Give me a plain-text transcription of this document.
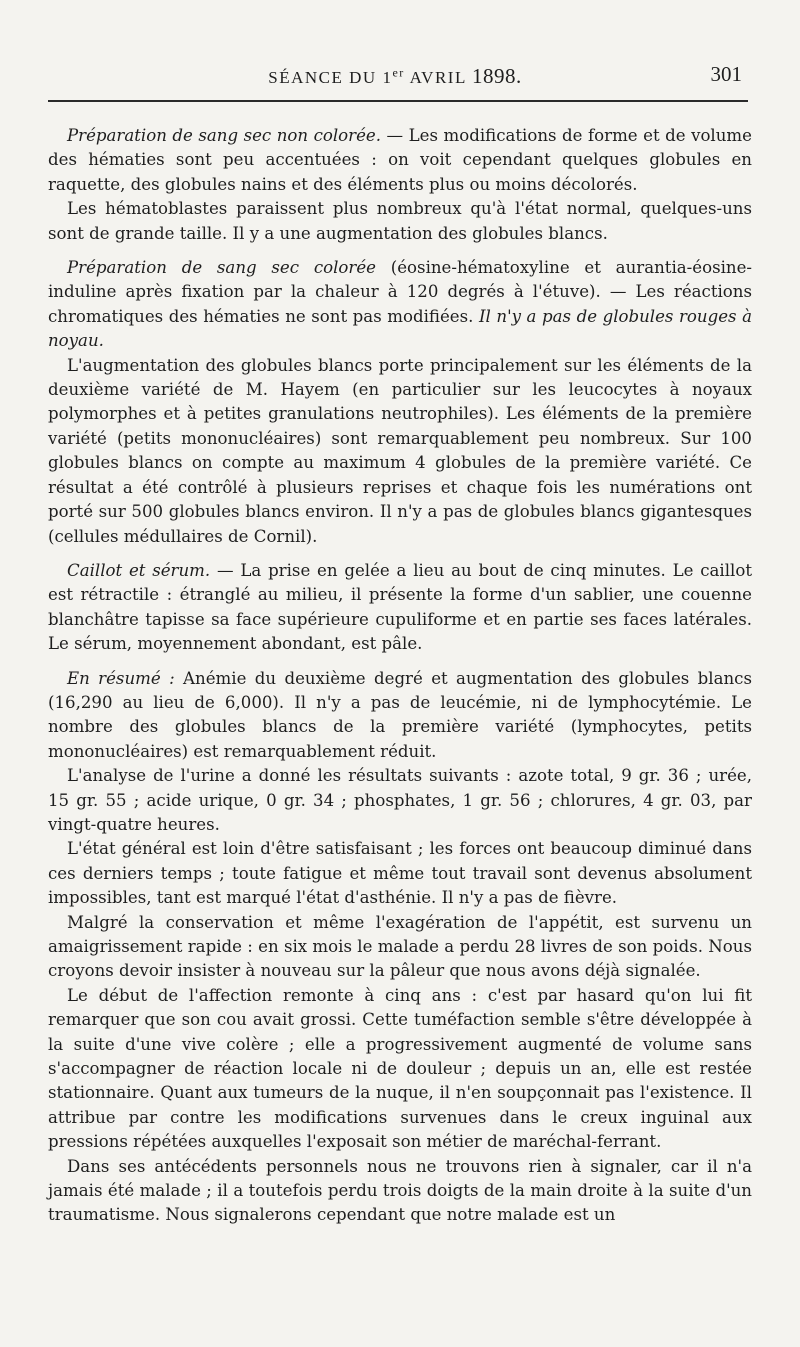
SÉANCE DU 1er AVRIL 1898.	301

Préparation de sang sec non colorée. — Les modifications de forme et de volume des hématies sont peu accentuées : on voit cependant quelques globules en raquette, des globules nains et des éléments plus ou moins décolorés.

Les hématoblastes paraissent plus nombreux qu'à l'état normal, quelques-uns sont de grande taille. Il y a une augmentation des globules blancs.

Préparation de sang sec colorée (éosine-hématoxyline et aurantia-éosine-induline après fixation par la chaleur à 120 degrés à l'étuve). — Les réactions chromatiques des hématies ne sont pas modifiées. Il n'y a pas de globules rouges à noyau.

L'augmentation des globules blancs porte principalement sur les éléments de la deuxième variété de M. Hayem (en particulier sur les leucocytes à noyaux polymorphes et à petites granulations neutrophiles). Les éléments de la première variété (petits mononucléaires) sont remarquablement peu nombreux. Sur 100 globules blancs on compte au maximum 4 globules de la première variété. Ce résultat a été contrôlé à plusieurs reprises et chaque fois les numérations ont porté sur 500 globules blancs environ. Il n'y a pas de globules blancs gigantesques (cellules médullaires de Cornil).

Caillot et sérum. — La prise en gelée a lieu au bout de cinq minutes. Le caillot est rétractile : étranglé au milieu, il présente la forme d'un sablier, une couenne blanchâtre tapisse sa face supérieure cupuliforme et en partie ses faces latérales. Le sérum, moyennement abondant, est pâle.

En résumé : Anémie du deuxième degré et augmentation des globules blancs (16,290 au lieu de 6,000). Il n'y a pas de leucémie, ni de lymphocytémie. Le nombre des globules blancs de la première variété (lymphocytes, petits mononucléaires) est remarquablement réduit.

L'analyse de l'urine a donné les résultats suivants : azote total, 9 gr. 36 ; urée, 15 gr. 55 ; acide urique, 0 gr. 34 ; phosphates, 1 gr. 56 ; chlorures, 4 gr. 03, par vingt-quatre heures.

L'état général est loin d'être satisfaisant ; les forces ont beaucoup diminué dans ces derniers temps ; toute fatigue et même tout travail sont devenus absolument impossibles, tant est marqué l'état d'asthénie. Il n'y a pas de fièvre.

Malgré la conservation et même l'exagération de l'appétit, est survenu un amaigrissement rapide : en six mois le malade a perdu 28 livres de son poids. Nous croyons devoir insister à nouveau sur la pâleur que nous avons déjà signalée.

Le début de l'affection remonte à cinq ans : c'est par hasard qu'on lui fit remarquer que son cou avait grossi. Cette tuméfaction semble s'être développée à la suite d'une vive colère ; elle a progressivement augmenté de volume sans s'accompagner de réaction locale ni de douleur ; depuis un an, elle est restée stationnaire. Quant aux tumeurs de la nuque, il n'en soupçonnait pas l'existence. Il attribue par contre les modifications survenues dans le creux inguinal aux pressions répétées auxquelles l'exposait son métier de maréchal-ferrant.

Dans ses antécédents personnels nous ne trouvons rien à signaler, car il n'a jamais été malade ; il a toutefois perdu trois doigts de la main droite à la suite d'un traumatisme. Nous signalerons cependant que notre malade est un
